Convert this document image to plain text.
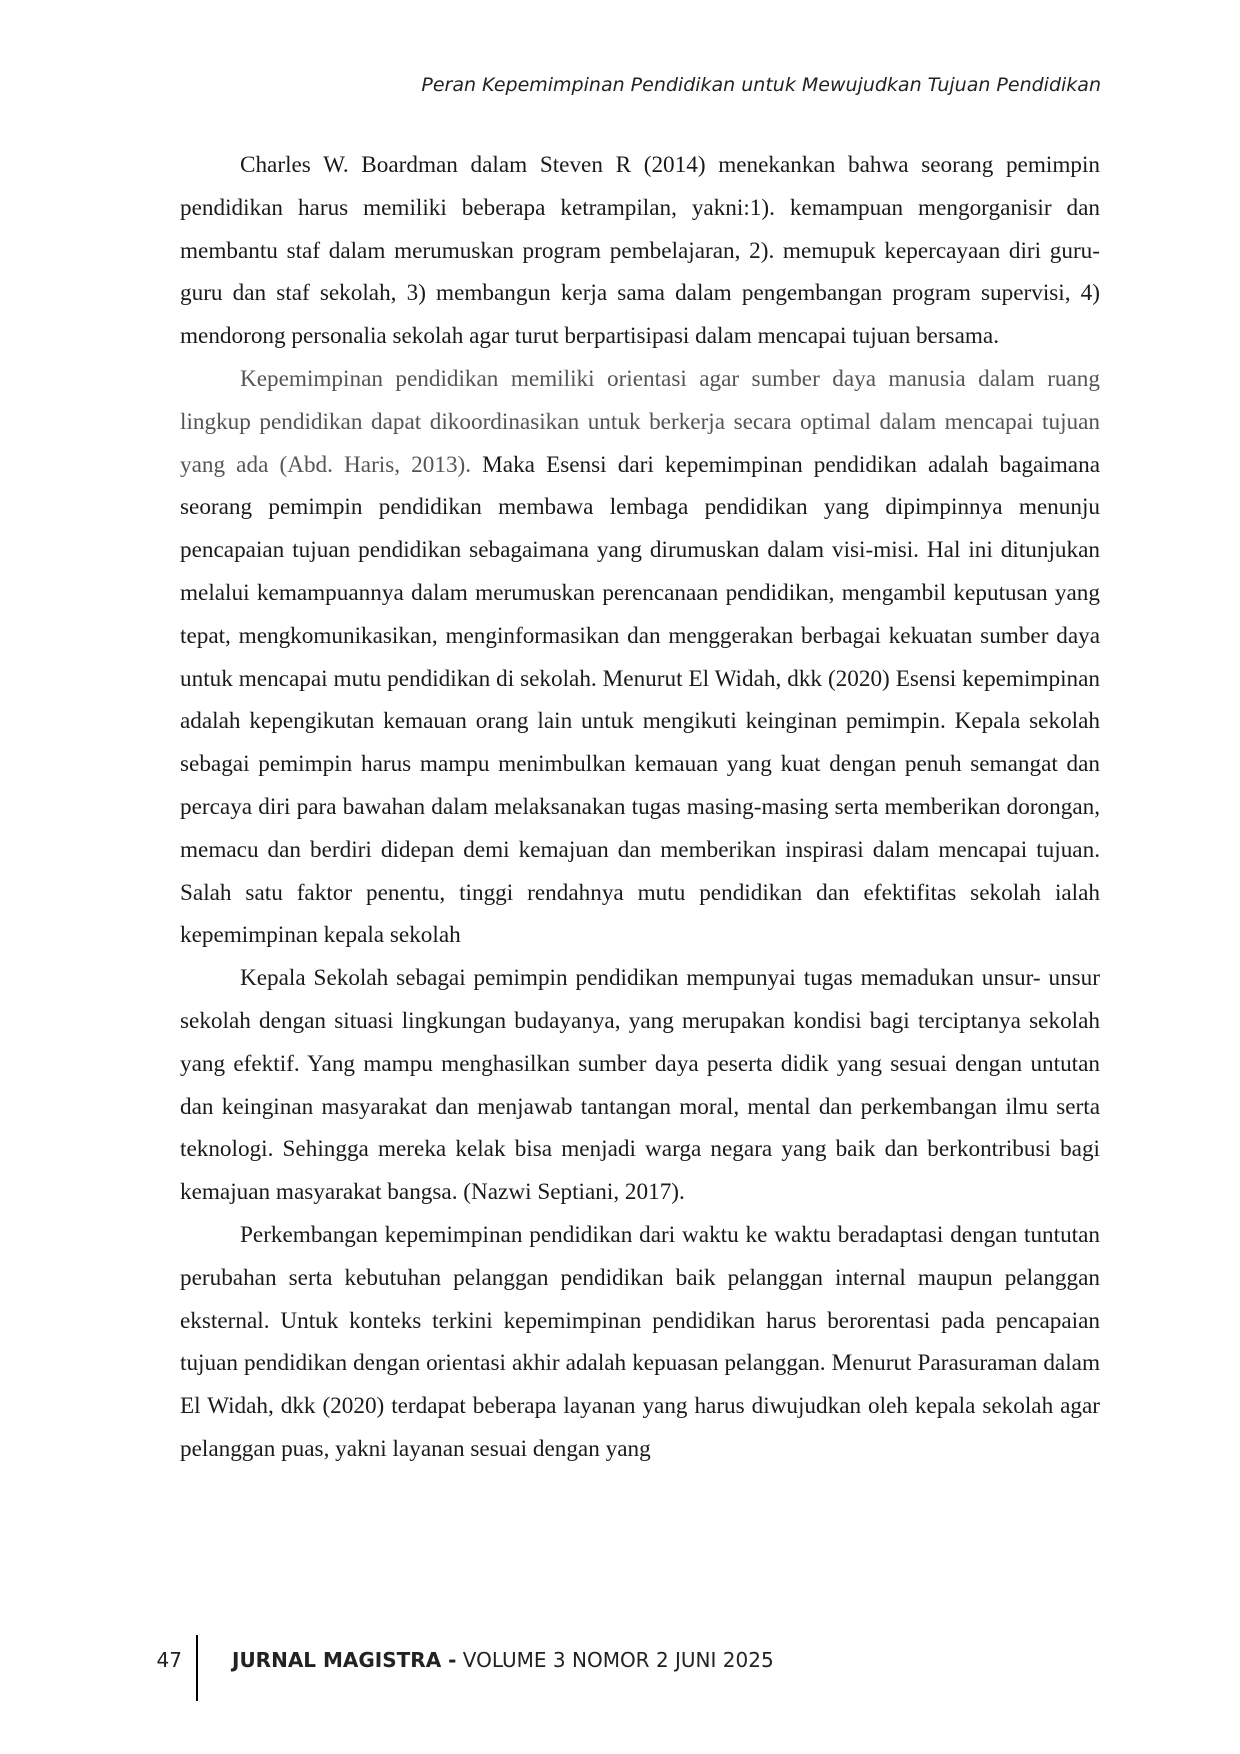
Peran Kepemimpinan Pendidikan untuk Mewujudkan Tujuan Pendidikan

Charles W. Boardman dalam Steven R (2014) menekankan bahwa seorang pemimpin pendidikan harus memiliki beberapa ketrampilan, yakni:1). kemampuan mengorganisir dan membantu staf dalam merumuskan program pembelajaran, 2). memupuk kepercayaan diri guru-guru dan staf sekolah, 3) membangun kerja sama dalam pengembangan program supervisi, 4) mendorong personalia sekolah agar turut berpartisipasi dalam mencapai tujuan bersama.

Kepemimpinan pendidikan memiliki orientasi agar sumber daya manusia dalam ruang lingkup pendidikan dapat dikoordinasikan untuk berkerja secara optimal dalam mencapai tujuan yang ada (Abd. Haris, 2013). Maka Esensi dari kepemimpinan pendidikan adalah bagaimana seorang pemimpin pendidikan membawa lembaga pendidikan yang dipimpinnya menunju pencapaian tujuan pendidikan sebagaimana yang dirumuskan dalam visi-misi. Hal ini ditunjukan melalui kemampuannya dalam merumuskan perencanaan pendidikan, mengambil keputusan yang tepat, mengkomunikasikan, menginformasikan dan menggerakan berbagai kekuatan sumber daya untuk mencapai mutu pendidikan di sekolah. Menurut El Widah, dkk (2020) Esensi kepemimpinan adalah kepengikutan kemauan orang lain untuk mengikuti keinginan pemimpin. Kepala sekolah sebagai pemimpin harus mampu menimbulkan kemauan yang kuat dengan penuh semangat dan percaya diri para bawahan dalam melaksanakan tugas masing-masing serta memberikan dorongan, memacu dan berdiri didepan demi kemajuan dan memberikan inspirasi dalam mencapai tujuan. Salah satu faktor penentu, tinggi rendahnya mutu pendidikan dan efektifitas sekolah ialah kepemimpinan kepala sekolah

Kepala Sekolah sebagai pemimpin pendidikan mempunyai tugas memadukan unsur- unsur sekolah dengan situasi lingkungan budayanya, yang merupakan kondisi bagi terciptanya sekolah yang efektif. Yang mampu menghasilkan sumber daya peserta didik yang sesuai dengan untutan dan keinginan masyarakat dan menjawab tantangan moral, mental dan perkembangan ilmu serta teknologi. Sehingga mereka kelak bisa menjadi warga negara yang baik dan berkontribusi bagi kemajuan masyarakat bangsa. (Nazwi Septiani, 2017).

Perkembangan kepemimpinan pendidikan dari waktu ke waktu beradaptasi dengan tuntutan perubahan serta kebutuhan pelanggan pendidikan baik pelanggan internal maupun pelanggan eksternal. Untuk konteks terkini kepemimpinan pendidikan harus berorentasi pada pencapaian tujuan pendidikan dengan orientasi akhir adalah kepuasan pelanggan. Menurut Parasuraman dalam El Widah, dkk (2020) terdapat beberapa layanan yang harus diwujudkan oleh kepala sekolah agar pelanggan puas, yakni layanan sesuai dengan yang

47	JURNAL MAGISTRA - VOLUME 3 NOMOR 2 JUNI 2025
